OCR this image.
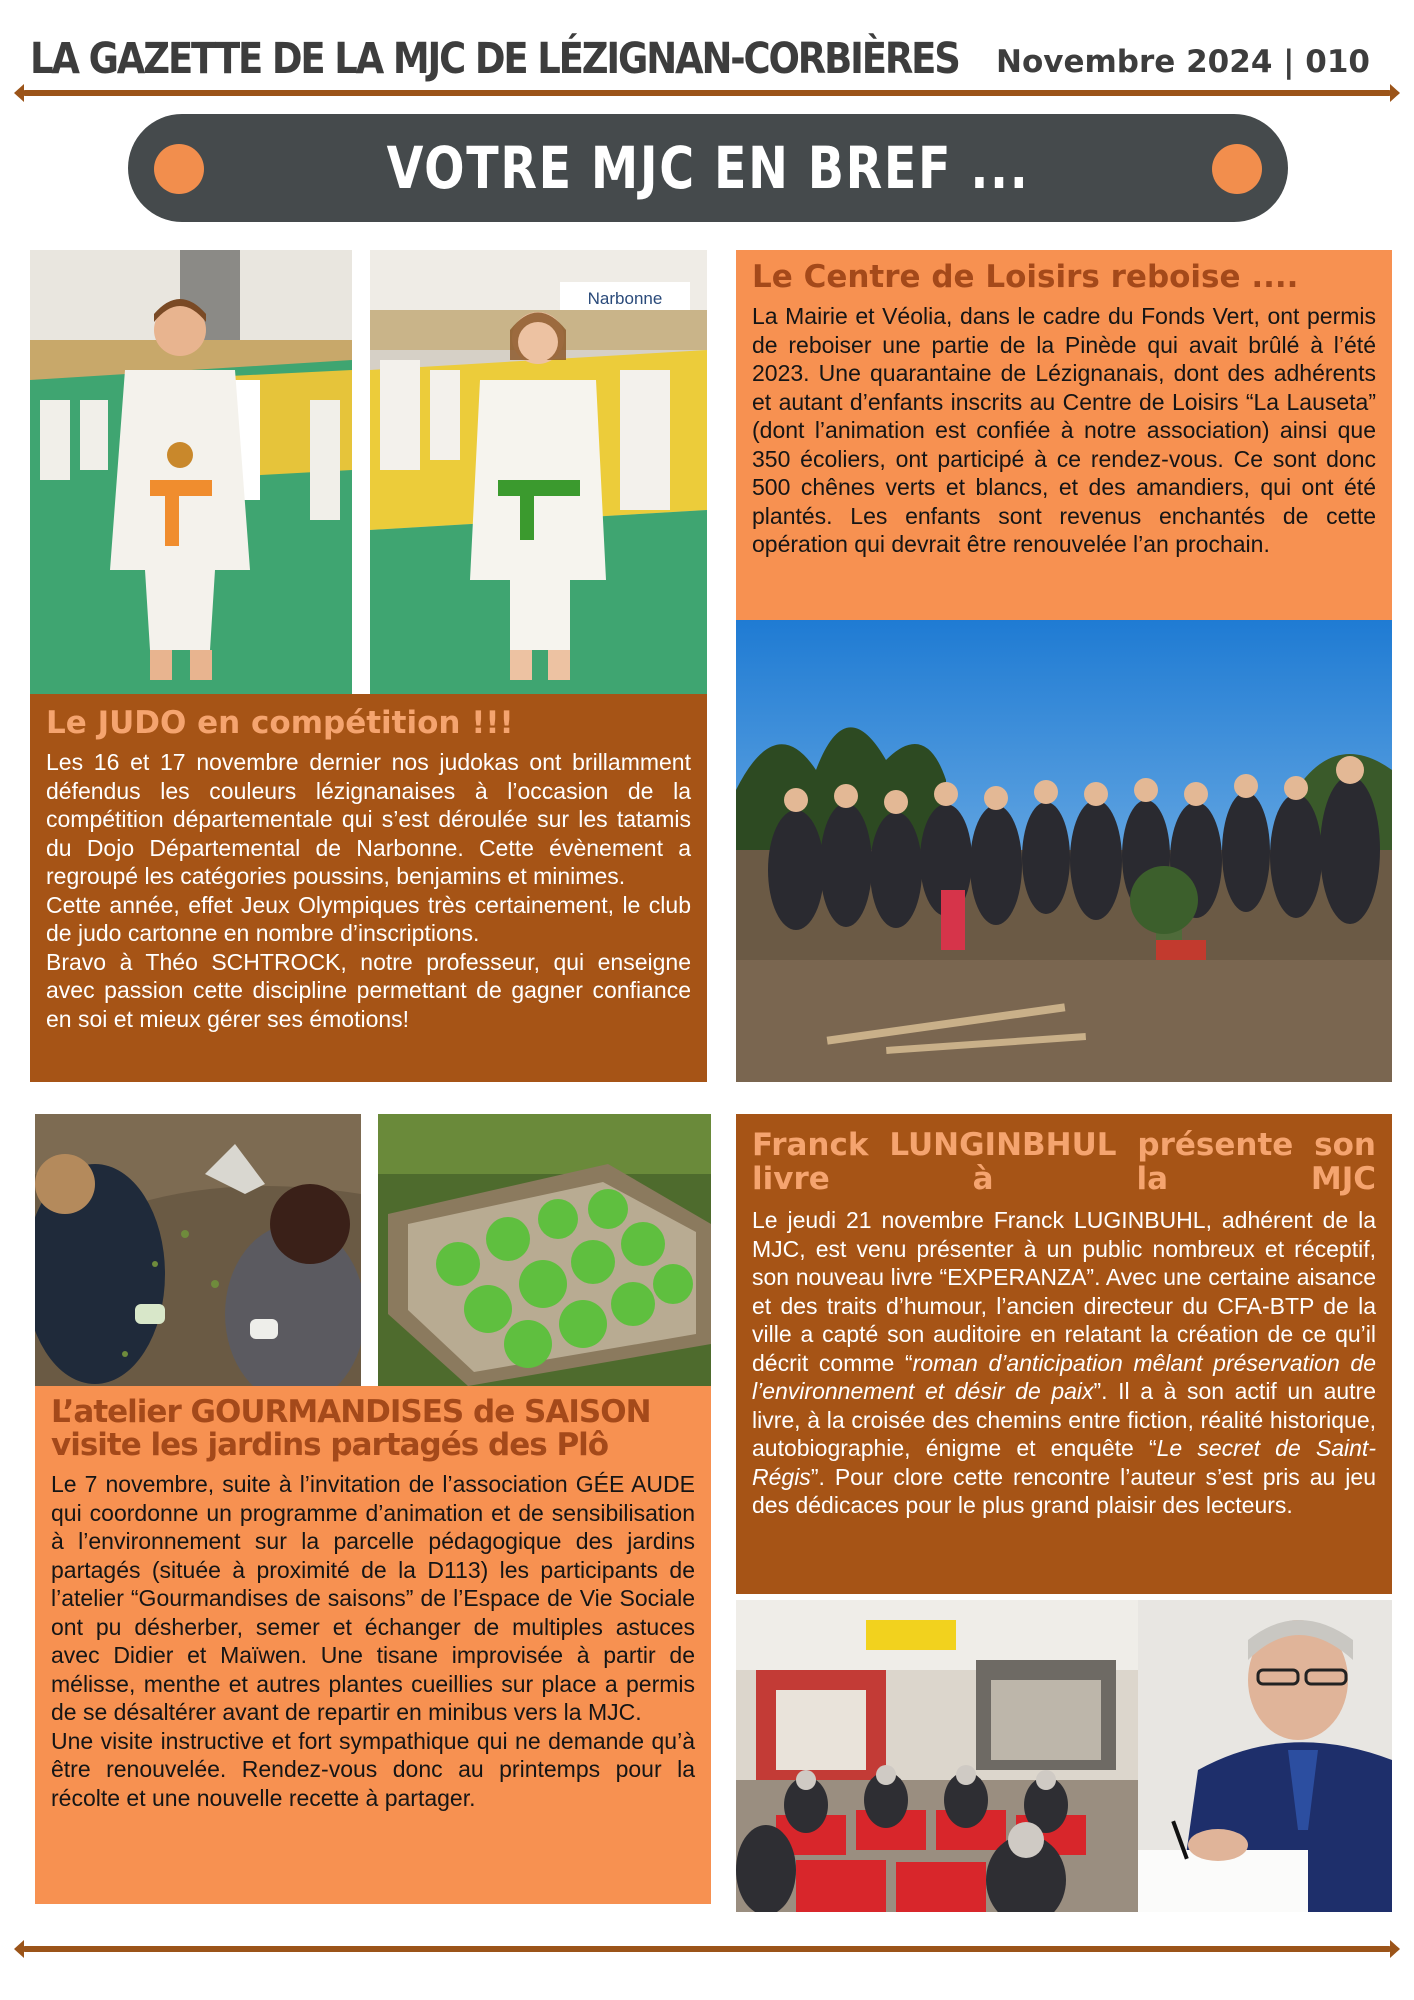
LA GAZETTE DE LA MJC DE LÉZIGNAN-CORBIÈRES Novembre 2024 | 010
VOTRE MJC EN BREF ...
Narbonne
Le JUDO en compétition !!!

Les 16 et 17 novembre dernier nos judokas ont brillamment défendus les couleurs lézignanaises à l’occasion de la compétition départementale qui s’est déroulée sur les tatamis du Dojo Départemental de Narbonne. Cette évènement a regroupé les catégories poussins, benjamins et minimes.

Cette année, effet Jeux Olympiques très certainement, le club de judo cartonne en nombre d’inscriptions.

Bravo à Théo SCHTROCK, notre professeur, qui enseigne avec passion cette discipline permettant de gagner confiance en soi et mieux gérer ses émotions!

Le Centre de Loisirs reboise ....

La Mairie et Véolia, dans le cadre du Fonds Vert, ont permis de reboiser une partie de la Pinède qui avait brûlé à l’été 2023. Une quarantaine de Lézignanais, dont des adhérents et autant d’enfants inscrits au Centre de Loisirs “La Lauseta” (dont l’animation est confiée à notre association) ainsi que 350 écoliers, ont participé à ce rendez-vous. Ce sont donc 500 chênes verts et blancs, et des amandiers, qui ont été plantés. Les enfants sont revenus enchantés de cette opération qui devrait être renouvelée l’an prochain.

L’atelier GOURMANDISES de SAISON visite les jardins partagés des Plô

Le 7 novembre, suite à l’invitation de l’association GÉE AUDE qui coordonne un programme d’animation et de sensibilisation à l’environnement sur la parcelle pédagogique des jardins partagés (située à proximité de la D113) les participants de l’atelier “Gourmandises de saisons” de l’Espace de Vie Sociale ont pu désherber, semer et échanger de multiples astuces avec Didier et Maïwen. Une tisane improvisée à partir de mélisse, menthe et autres plantes cueillies sur place a permis de se désaltérer avant de repartir en minibus vers la MJC.

Une visite instructive et fort sympathique qui ne demande qu’à être renouvelée. Rendez-vous donc au printemps pour la récolte et une nouvelle recette à partager.

Franck LUNGINBHUL présente son livre à la MJC

Le jeudi 21 novembre Franck LUGINBUHL, adhérent de la MJC, est venu présenter à un public nombreux et réceptif, son nouveau livre “EXPERANZA”. Avec une certaine aisance et des traits d’humour, l’ancien directeur du CFA-BTP de la ville a capté son auditoire en relatant la création de ce qu’il décrit comme “roman d’anticipation mêlant préservation de l’environnement et désir de paix”. Il a à son actif un autre livre, à la croisée des chemins entre fiction, réalité historique, autobiographie, énigme et enquête “Le secret de Saint-Régis”. Pour clore cette rencontre l’auteur s’est pris au jeu des dédicaces pour le plus grand plaisir des lecteurs.
